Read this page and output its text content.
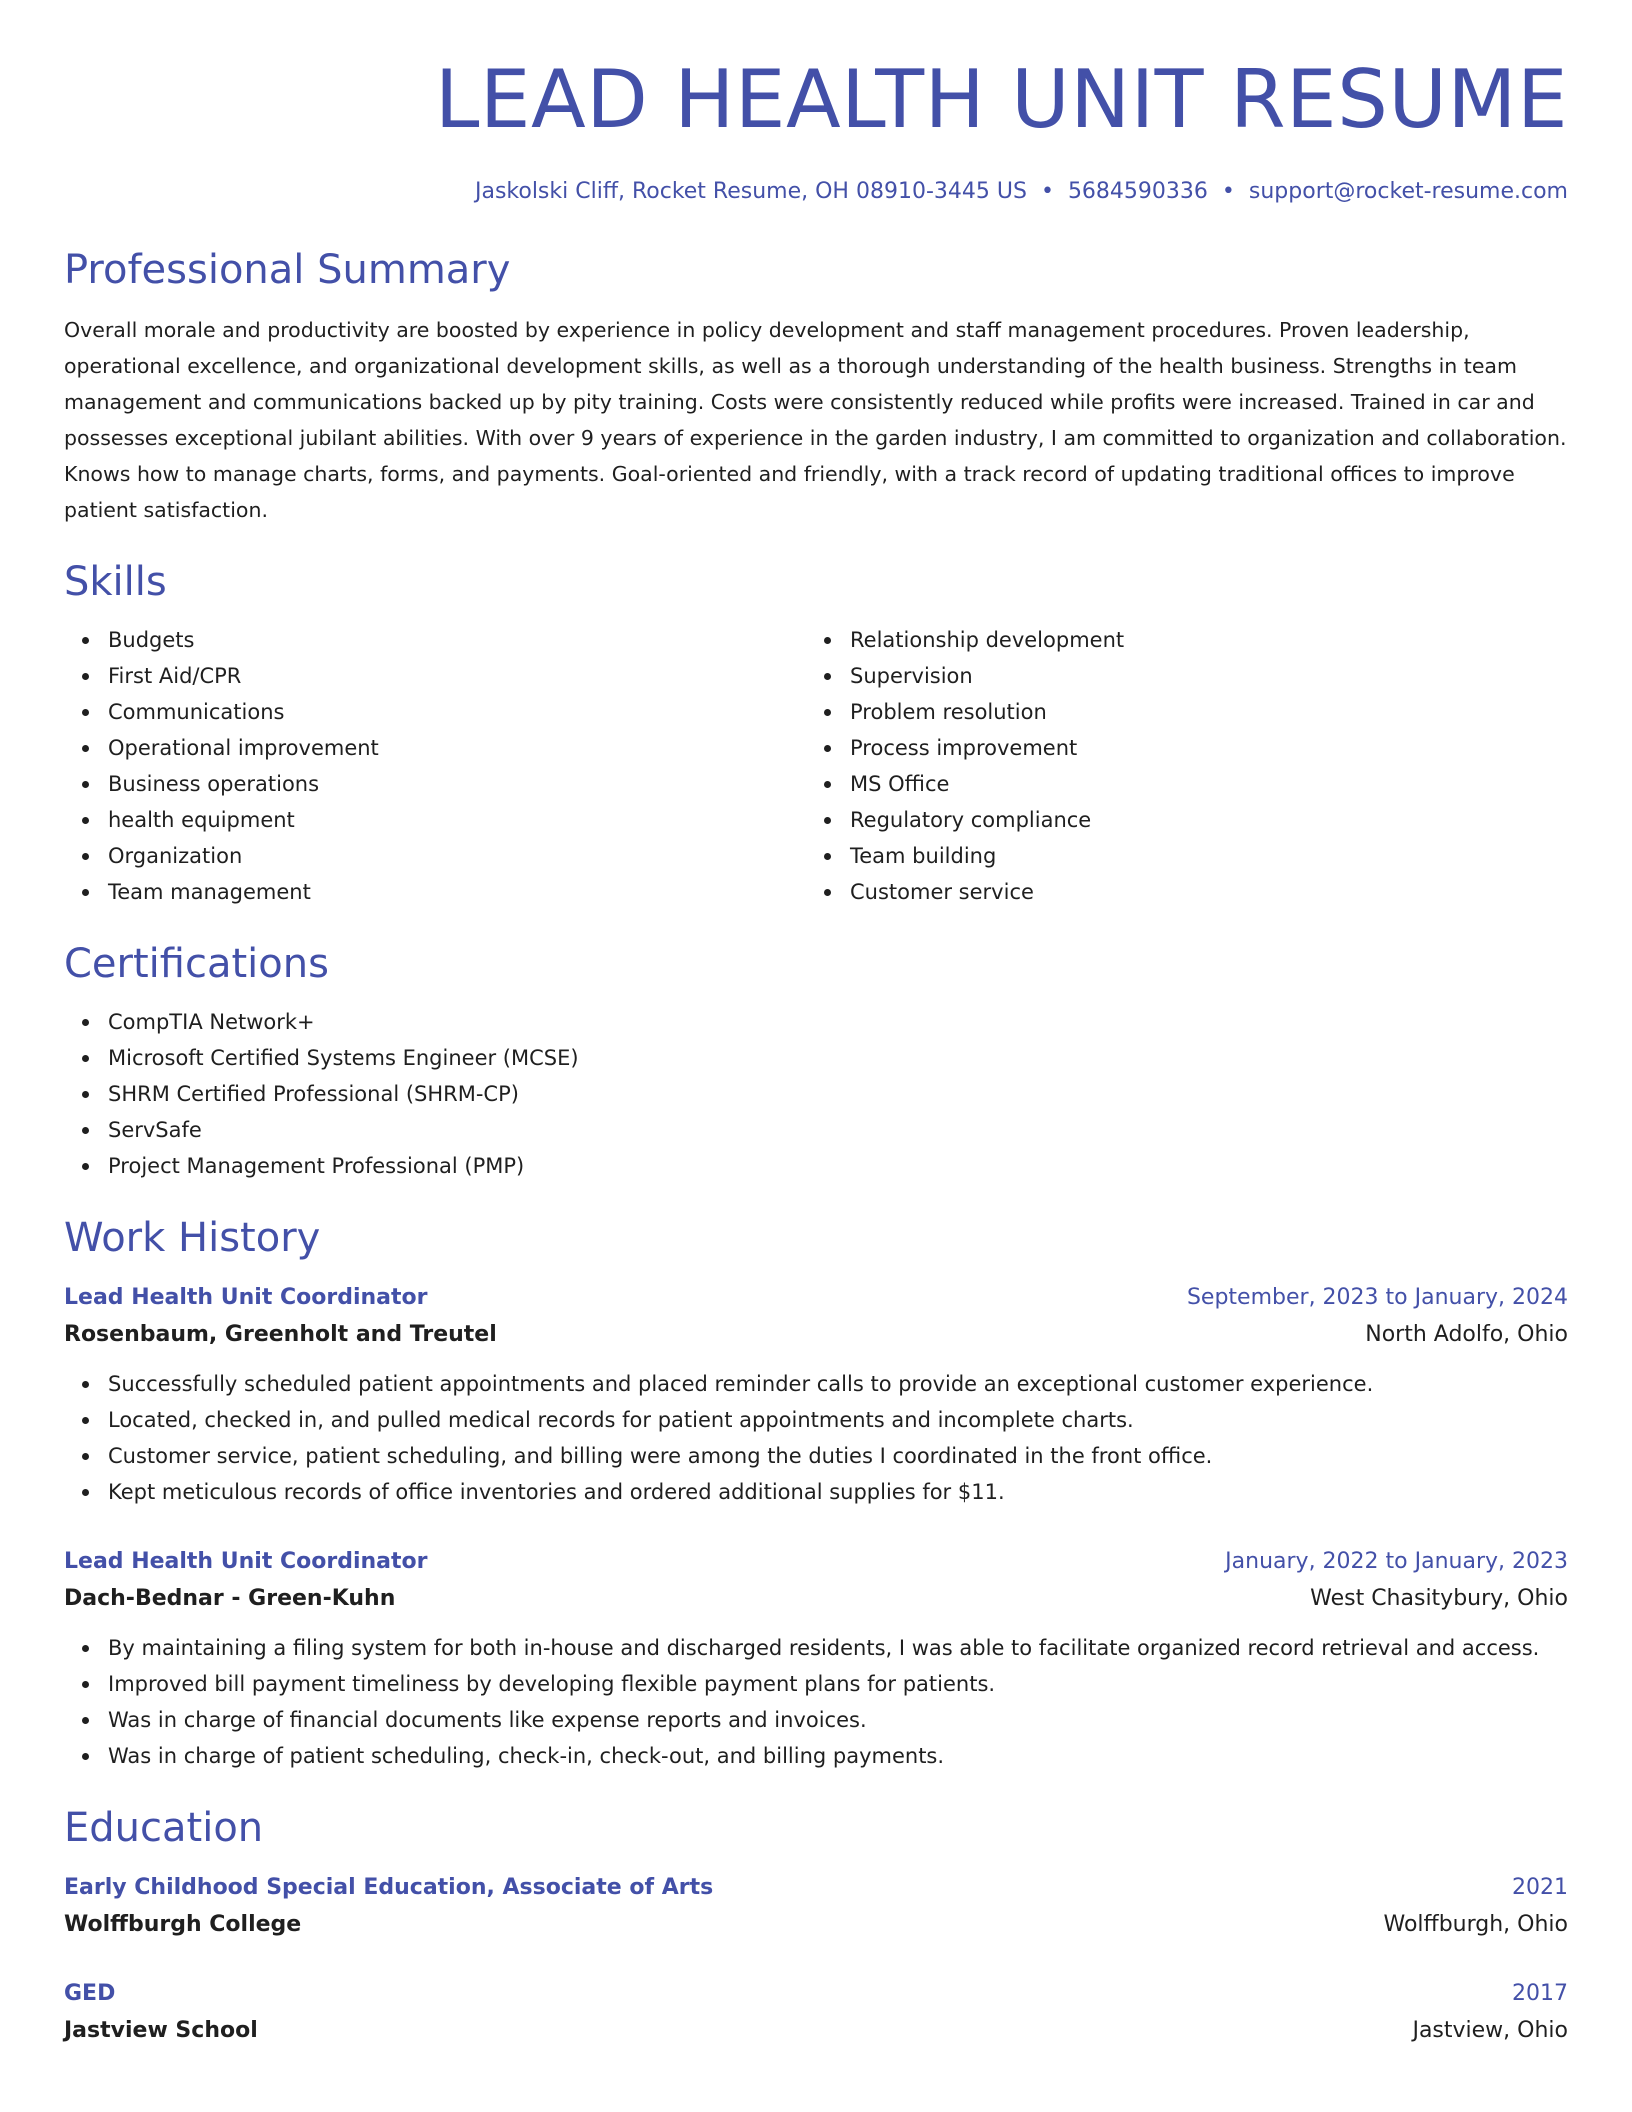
LEAD HEALTH UNIT RESUME
Jaskolski Cliff, Rocket Resume, OH 08910-3445 US • 5684590336 • support@rocket-resume.com
Professional Summary

Overall morale and productivity are boosted by experience in policy development and staff management procedures. Proven leadership, operational excellence, and organizational development skills, as well as a thorough understanding of the health business. Strengths in team management and communications backed up by pity training. Costs were consistently reduced while profits were increased. Trained in car and possesses exceptional jubilant abilities. With over 9 years of experience in the garden industry, I am committed to organization and collaboration. Knows how to manage charts, forms, and payments. Goal-oriented and friendly, with a track record of updating traditional offices to improve patient satisfaction.

Skills
Budgets
First Aid/CPR
Communications
Operational improvement
Business operations
health equipment
Organization
Team management
Relationship development
Supervision
Problem resolution
Process improvement
MS Office
Regulatory compliance
Team building
Customer service
Certifications
CompTIA Network+
Microsoft Certified Systems Engineer (MCSE)
SHRM Certified Professional (SHRM-CP)
ServSafe
Project Management Professional (PMP)
Work History
Lead Health Unit Coordinator	September, 2023 to January, 2024
Rosenbaum, Greenholt and Treutel	North Adolfo, Ohio
Successfully scheduled patient appointments and placed reminder calls to provide an exceptional customer experience.
Located, checked in, and pulled medical records for patient appointments and incomplete charts.
Customer service, patient scheduling, and billing were among the duties I coordinated in the front office.
Kept meticulous records of office inventories and ordered additional supplies for $11.
Lead Health Unit Coordinator	January, 2022 to January, 2023
Dach-Bednar - Green-Kuhn	West Chasitybury, Ohio
By maintaining a filing system for both in-house and discharged residents, I was able to facilitate organized record retrieval and access.
Improved bill payment timeliness by developing flexible payment plans for patients.
Was in charge of financial documents like expense reports and invoices.
Was in charge of patient scheduling, check-in, check-out, and billing payments.
Education
Early Childhood Special Education, Associate of Arts	2021
Wolffburgh College	Wolffburgh, Ohio
GED	2017
Jastview School	Jastview, Ohio
